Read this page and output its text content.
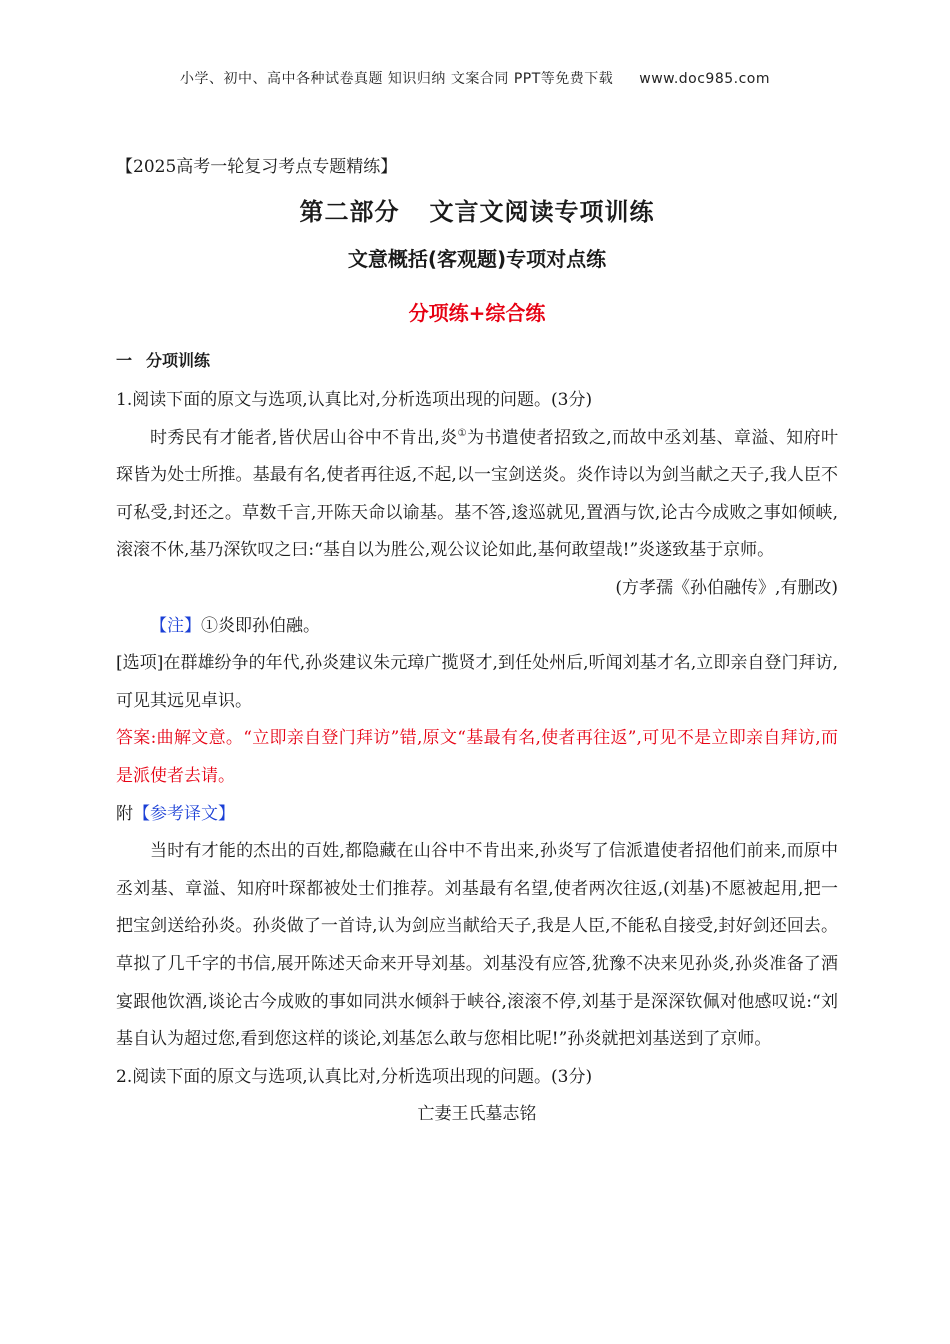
小学、初中、高中各种试卷真题 知识归纳 文案合同 PPT等免费下载 www.doc985.com
【2025高考一轮复习考点专题精练】
第二部分 文言文阅读专项训练
文意概括(客观题)专项对点练
分项练+综合练
一 分项训练

1.阅读下面的原文与选项,认真比对,分析选项出现的问题。(3分)

时秀民有才能者,皆伏居山谷中不肯出,炎①为书遣使者招致之,而故中丞刘基、章溢、知府叶琛皆为处士所推。基最有名,使者再往返,不起,以一宝剑送炎。炎作诗以为剑当献之天子,我人臣不可私受,封还之。草数千言,开陈天命以谕基。基不答,逡巡就见,置酒与饮,论古今成败之事如倾峡,滚滚不休,基乃深钦叹之曰:“基自以为胜公,观公议论如此,基何敢望哉!”炎遂致基于京师。

(方孝孺《孙伯融传》,有删改)

【注】①炎即孙伯融。

[选项]在群雄纷争的年代,孙炎建议朱元璋广揽贤才,到任处州后,听闻刘基才名,立即亲自登门拜访,可见其远见卓识。

答案:曲解文意。“立即亲自登门拜访”错,原文“基最有名,使者再往返”,可见不是立即亲自拜访,而是派使者去请。

附【参考译文】

当时有才能的杰出的百姓,都隐藏在山谷中不肯出来,孙炎写了信派遣使者招他们前来,而原中丞刘基、章溢、知府叶琛都被处士们推荐。刘基最有名望,使者两次往返,(刘基)不愿被起用,把一把宝剑送给孙炎。孙炎做了一首诗,认为剑应当献给天子,我是人臣,不能私自接受,封好剑还回去。草拟了几千字的书信,展开陈述天命来开导刘基。刘基没有应答,犹豫不决来见孙炎,孙炎准备了酒宴跟他饮酒,谈论古今成败的事如同洪水倾斜于峡谷,滚滚不停,刘基于是深深钦佩对他感叹说:“刘基自认为超过您,看到您这样的谈论,刘基怎么敢与您相比呢!”孙炎就把刘基送到了京师。

2.阅读下面的原文与选项,认真比对,分析选项出现的问题。(3分)

亡妻王氏墓志铭
